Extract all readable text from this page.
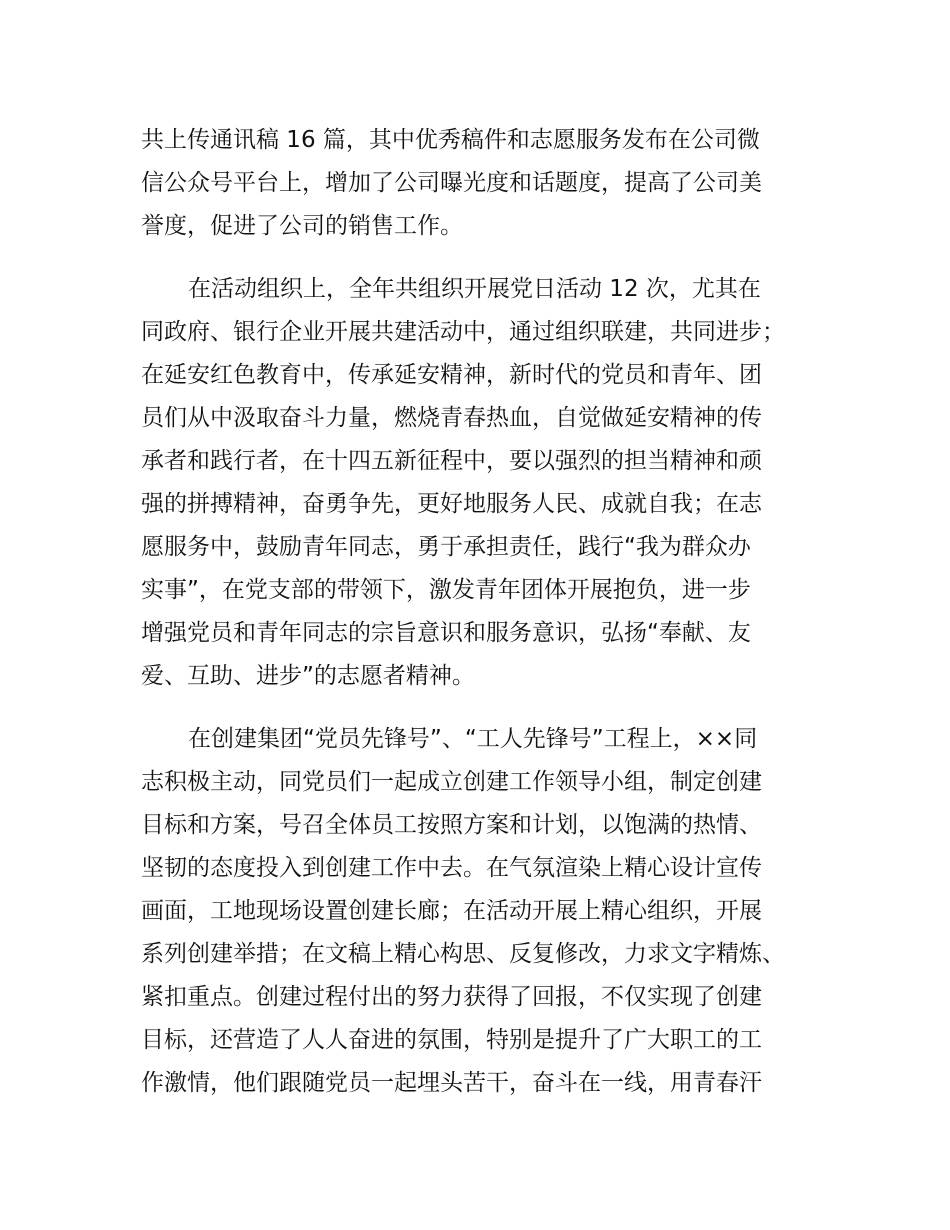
共上传通讯稿 16 篇，其中优秀稿件和志愿服务发布在公司微

信公众号平台上，增加了公司曝光度和话题度，提高了公司美

誉度，促进了公司的销售工作。

在活动组织上，全年共组织开展党日活动 12 次，尤其在

同政府、银行企业开展共建活动中，通过组织联建，共同进步；

在延安红色教育中，传承延安精神，新时代的党员和青年、团

员们从中汲取奋斗力量，燃烧青春热血，自觉做延安精神的传

承者和践行者，在十四五新征程中，要以强烈的担当精神和顽

强的拼搏精神，奋勇争先，更好地服务人民、成就自我；在志

愿服务中，鼓励青年同志，勇于承担责任，践行“我为群众办

实事”，在党支部的带领下，激发青年团体开展抱负，进一步

增强党员和青年同志的宗旨意识和服务意识，弘扬“奉献、友

爱、互助、进步”的志愿者精神。

在创建集团“党员先锋号”、“工人先锋号”工程上，××同

志积极主动，同党员们一起成立创建工作领导小组，制定创建

目标和方案，号召全体员工按照方案和计划，以饱满的热情、

坚韧的态度投入到创建工作中去。在气氛渲染上精心设计宣传

画面，工地现场设置创建长廊；在活动开展上精心组织，开展

系列创建举措；在文稿上精心构思、反复修改，力求文字精炼、

紧扣重点。创建过程付出的努力获得了回报，不仅实现了创建

目标，还营造了人人奋进的氛围，特别是提升了广大职工的工

作激情，他们跟随党员一起埋头苦干，奋斗在一线，用青春汗
